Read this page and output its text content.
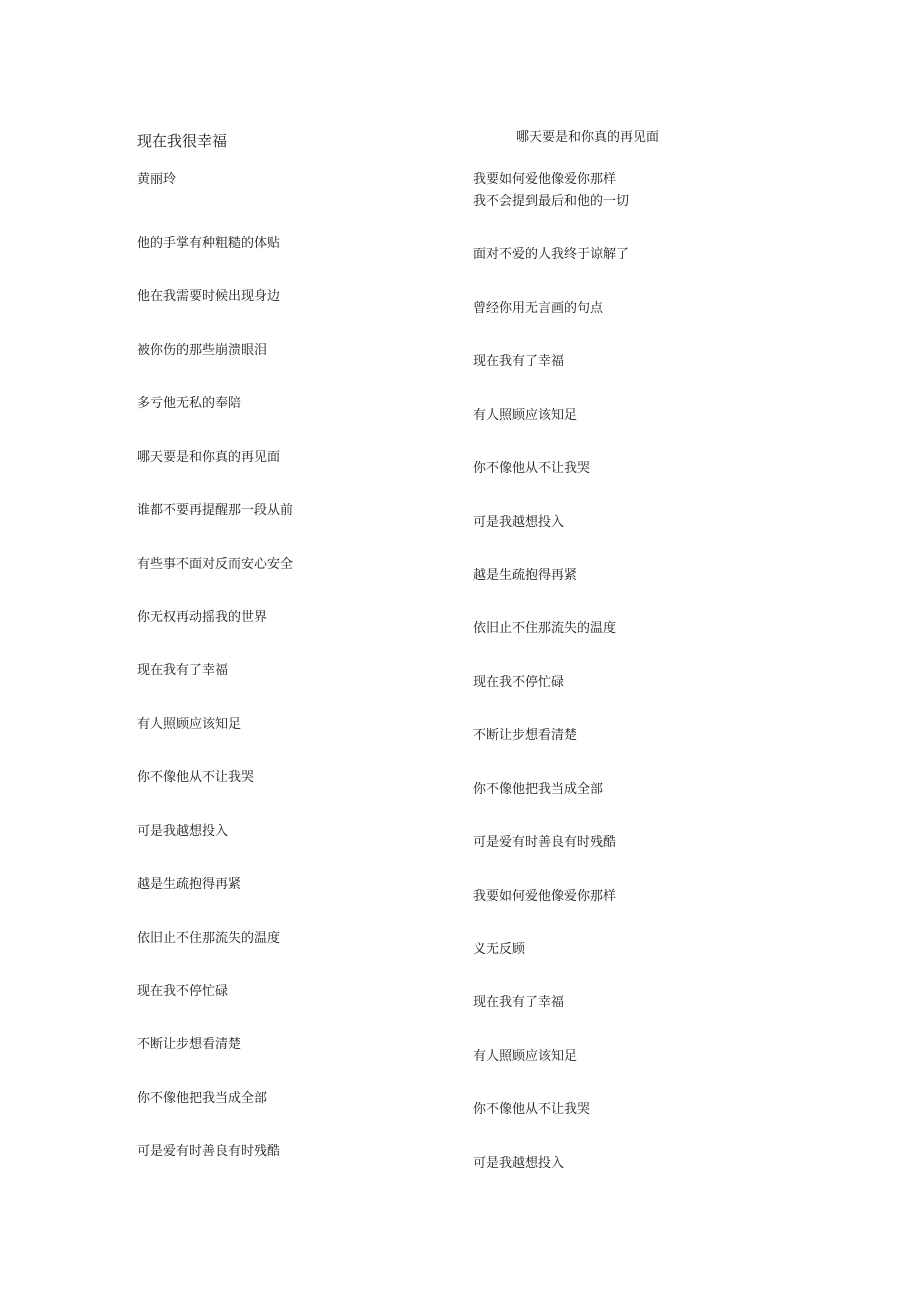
现在我很幸福
黄丽玲
哪天要是和你真的再见面
他的手掌有种粗糙的体贴
他在我需要时候出现身边
被你伤的那些崩溃眼泪
多亏他无私的奉陪
哪天要是和你真的再见面
谁都不要再提醒那一段从前
有些事不面对反而安心安全
你无权再动摇我的世界
现在我有了幸福
有人照顾应该知足
你不像他从不让我哭
可是我越想投入
越是生疏抱得再紧
依旧止不住那流失的温度
现在我不停忙碌
不断让步想看清楚
你不像他把我当成全部
可是爱有时善良有时残酷
我要如何爱他像爱你那样
我不会提到最后和他的一切
面对不爱的人我终于谅解了
曾经你用无言画的句点
现在我有了幸福
有人照顾应该知足
你不像他从不让我哭
可是我越想投入
越是生疏抱得再紧
依旧止不住那流失的温度
现在我不停忙碌
不断让步想看清楚
你不像他把我当成全部
可是爱有时善良有时残酷
我要如何爱他像爱你那样
义无反顾
现在我有了幸福
有人照顾应该知足
你不像他从不让我哭
可是我越想投入
